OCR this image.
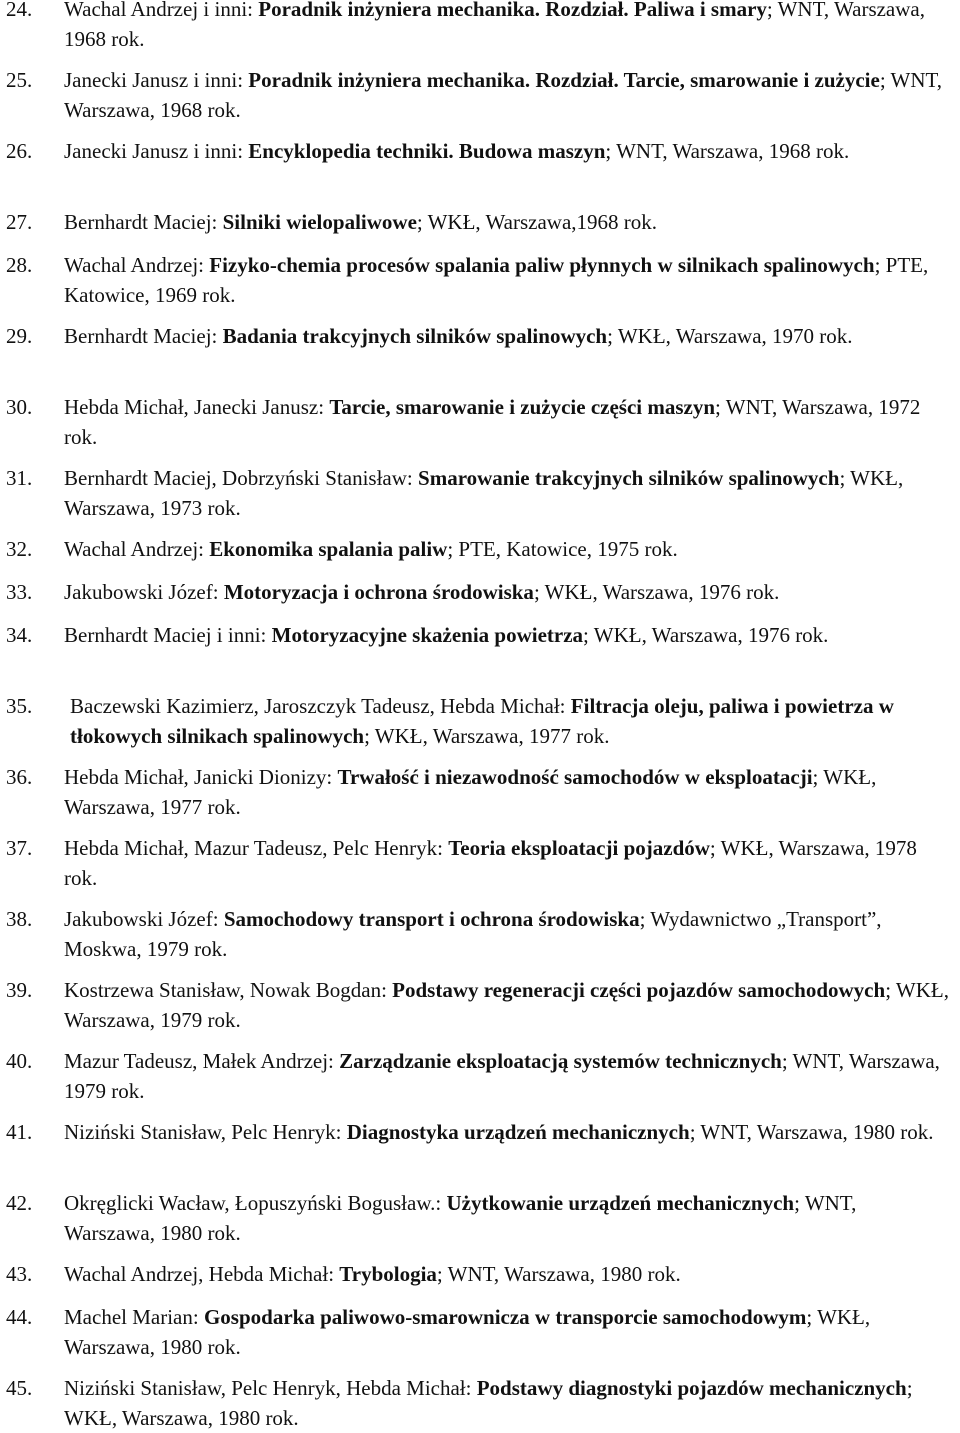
24. Wachal Andrzej i inni: Poradnik inżyniera mechanika. Rozdział. Paliwa i smary; WNT, Warszawa, 1968 rok.
25. Janecki Janusz i inni: Poradnik inżyniera mechanika. Rozdział. Tarcie, smarowanie i zużycie; WNT, Warszawa, 1968 rok.
26. Janecki Janusz i inni: Encyklopedia techniki. Budowa maszyn; WNT, Warszawa, 1968 rok.
27. Bernhardt Maciej: Silniki wielopaliwowe; WKŁ, Warszawa,1968 rok.
28. Wachal Andrzej: Fizyko-chemia procesów spalania paliw płynnych w silnikach spalinowych; PTE, Katowice, 1969 rok.
29. Bernhardt Maciej: Badania trakcyjnych silników spalinowych; WKŁ, Warszawa, 1970 rok.
30. Hebda Michał, Janecki Janusz: Tarcie, smarowanie i zużycie części maszyn; WNT, Warszawa, 1972 rok.
31. Bernhardt Maciej, Dobrzyński Stanisław: Smarowanie trakcyjnych silników spalinowych; WKŁ, Warszawa, 1973 rok.
32. Wachal Andrzej: Ekonomika spalania paliw; PTE, Katowice, 1975 rok.
33. Jakubowski Józef: Motoryzacja i ochrona środowiska; WKŁ, Warszawa, 1976 rok.
34. Bernhardt Maciej i inni: Motoryzacyjne skażenia powietrza; WKŁ, Warszawa, 1976 rok.
35. Baczewski Kazimierz, Jaroszczyk Tadeusz, Hebda Michał: Filtracja oleju, paliwa i powietrza w tłokowych silnikach spalinowych; WKŁ, Warszawa, 1977 rok.
36. Hebda Michał, Janicki Dionizy: Trwałość i niezawodność samochodów w eksploatacji; WKŁ, Warszawa, 1977 rok.
37. Hebda Michał, Mazur Tadeusz, Pelc Henryk: Teoria eksploatacji pojazdów; WKŁ, Warszawa, 1978 rok.
38. Jakubowski Józef: Samochodowy transport i ochrona środowiska; Wydawnictwo „Transport”, Moskwa, 1979 rok.
39. Kostrzewa Stanisław, Nowak Bogdan: Podstawy regeneracji części pojazdów samochodowych; WKŁ, Warszawa, 1979 rok.
40. Mazur Tadeusz, Małek Andrzej: Zarządzanie eksploatacją systemów technicznych; WNT, Warszawa, 1979 rok.
41. Niziński Stanisław, Pelc Henryk: Diagnostyka urządzeń mechanicznych; WNT, Warszawa, 1980 rok.
42. Okręglicki Wacław, Łopuszyński Bogusław.: Użytkowanie urządzeń mechanicznych; WNT, Warszawa, 1980 rok.
43. Wachal Andrzej, Hebda Michał: Trybologia; WNT, Warszawa, 1980 rok.
44. Machel Marian: Gospodarka paliwowo-smarownicza w transporcie samochodowym; WKŁ, Warszawa, 1980 rok.
45. Niziński Stanisław, Pelc Henryk, Hebda Michał: Podstawy diagnostyki pojazdów mechanicznych; WKŁ, Warszawa, 1980 rok.
